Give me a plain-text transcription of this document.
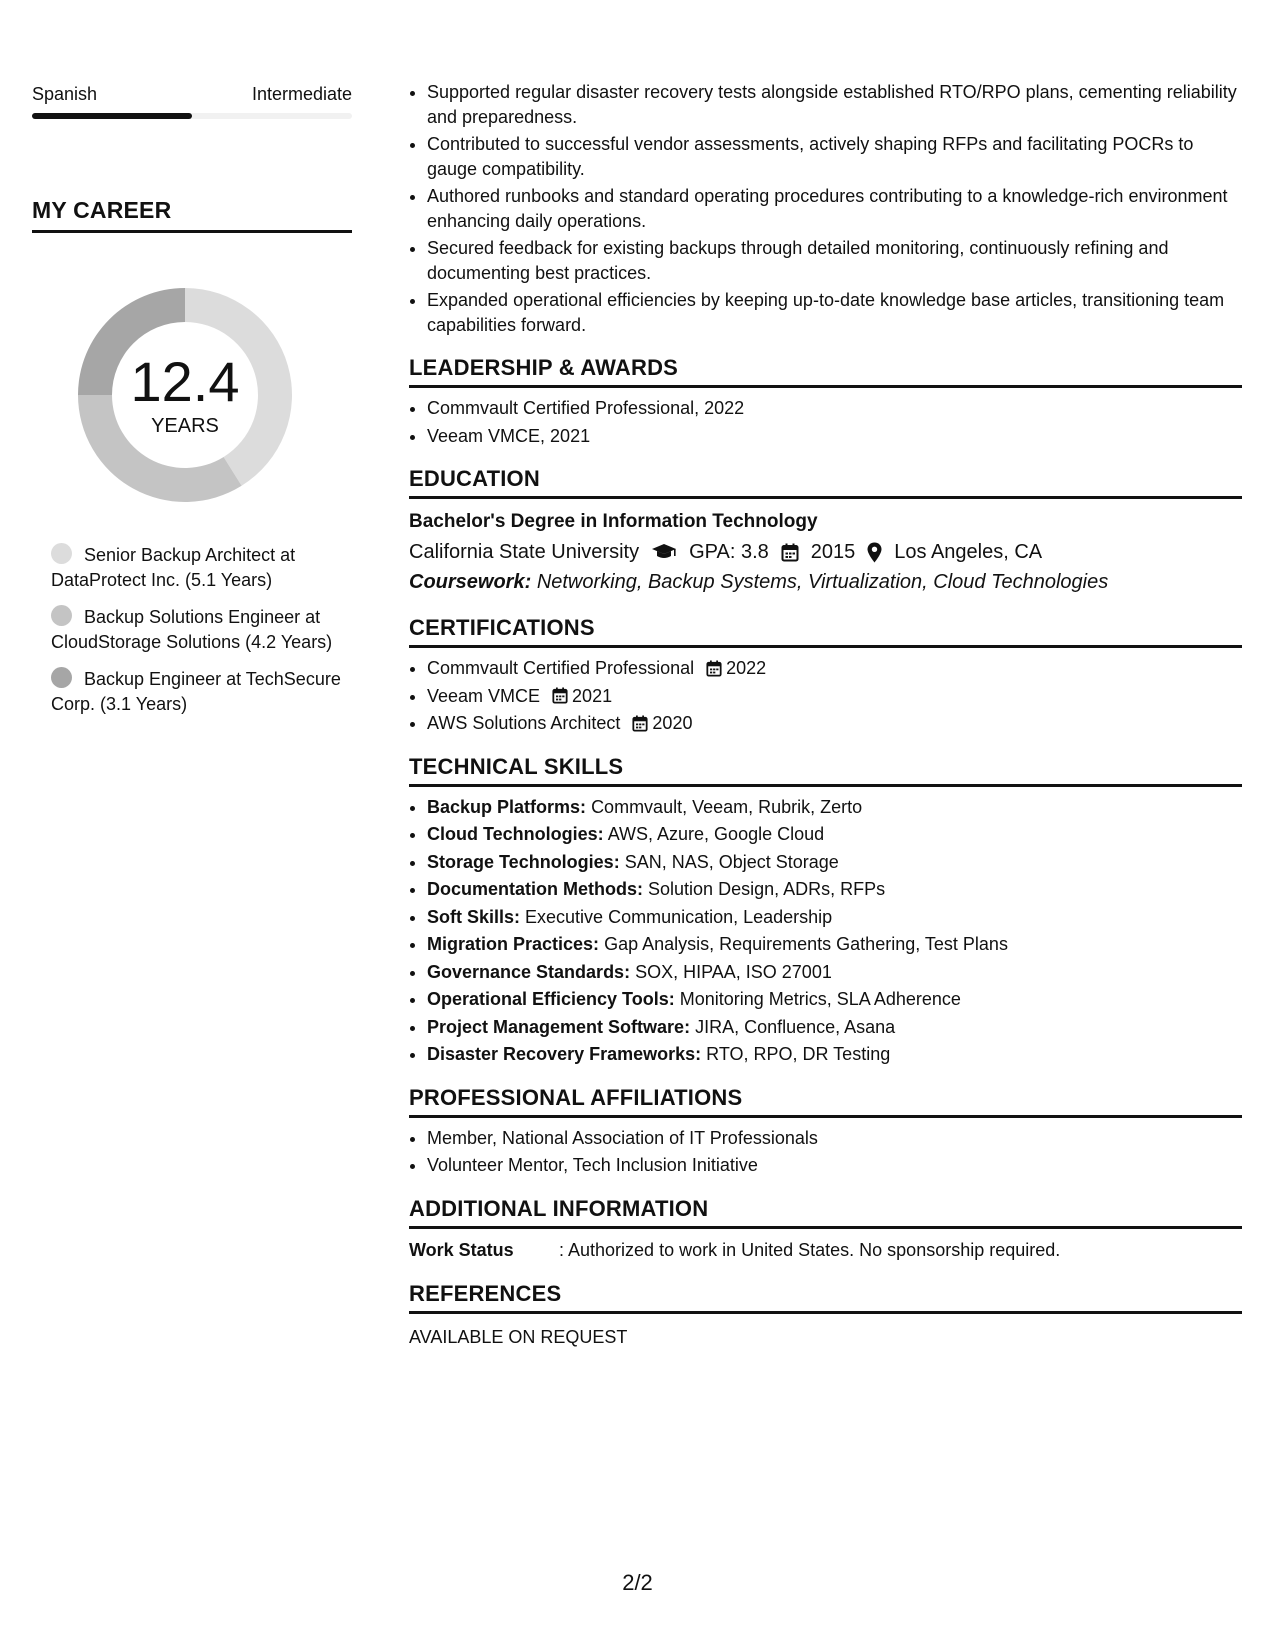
Spanish	Intermediate
MY CAREER
12.4
YEARS
Senior Backup Architect at DataProtect Inc. (5.1 Years)
Backup Solutions Engineer at CloudStorage Solutions (4.2 Years)
Backup Engineer at TechSecure Corp. (3.1 Years)
• Supported regular disaster recovery tests alongside established RTO/RPO plans, cementing reliability and preparedness.
• Contributed to successful vendor assessments, actively shaping RFPs and facilitating POCRs to gauge compatibility.
• Authored runbooks and standard operating procedures contributing to a knowledge-rich environment enhancing daily operations.
• Secured feedback for existing backups through detailed monitoring, continuously refining and documenting best practices.
• Expanded operational efficiencies by keeping up-to-date knowledge base articles, transitioning team capabilities forward.
LEADERSHIP & AWARDS
• Commvault Certified Professional, 2022
• Veeam VMCE, 2021
EDUCATION
Bachelor's Degree in Information Technology
California State University	GPA: 3.8 2015 Los Angeles, CA
Coursework: Networking, Backup Systems, Virtualization, Cloud Technologies
CERTIFICATIONS
• Commvault Certified Professional 2022
• Veeam VMCE 2021
• AWS Solutions Architect 2020
TECHNICAL SKILLS
• Backup Platforms: Commvault, Veeam, Rubrik, Zerto
• Cloud Technologies: AWS, Azure, Google Cloud
• Storage Technologies: SAN, NAS, Object Storage
• Documentation Methods: Solution Design, ADRs, RFPs
• Soft Skills: Executive Communication, Leadership
• Migration Practices: Gap Analysis, Requirements Gathering, Test Plans
• Governance Standards: SOX, HIPAA, ISO 27001
• Operational Efficiency Tools: Monitoring Metrics, SLA Adherence
• Project Management Software: JIRA, Confluence, Asana
• Disaster Recovery Frameworks: RTO, RPO, DR Testing
PROFESSIONAL AFFILIATIONS
• Member, National Association of IT Professionals
• Volunteer Mentor, Tech Inclusion Initiative
ADDITIONAL INFORMATION
Work Status	: Authorized to work in United States. No sponsorship required.
REFERENCES
AVAILABLE ON REQUEST
2/2
